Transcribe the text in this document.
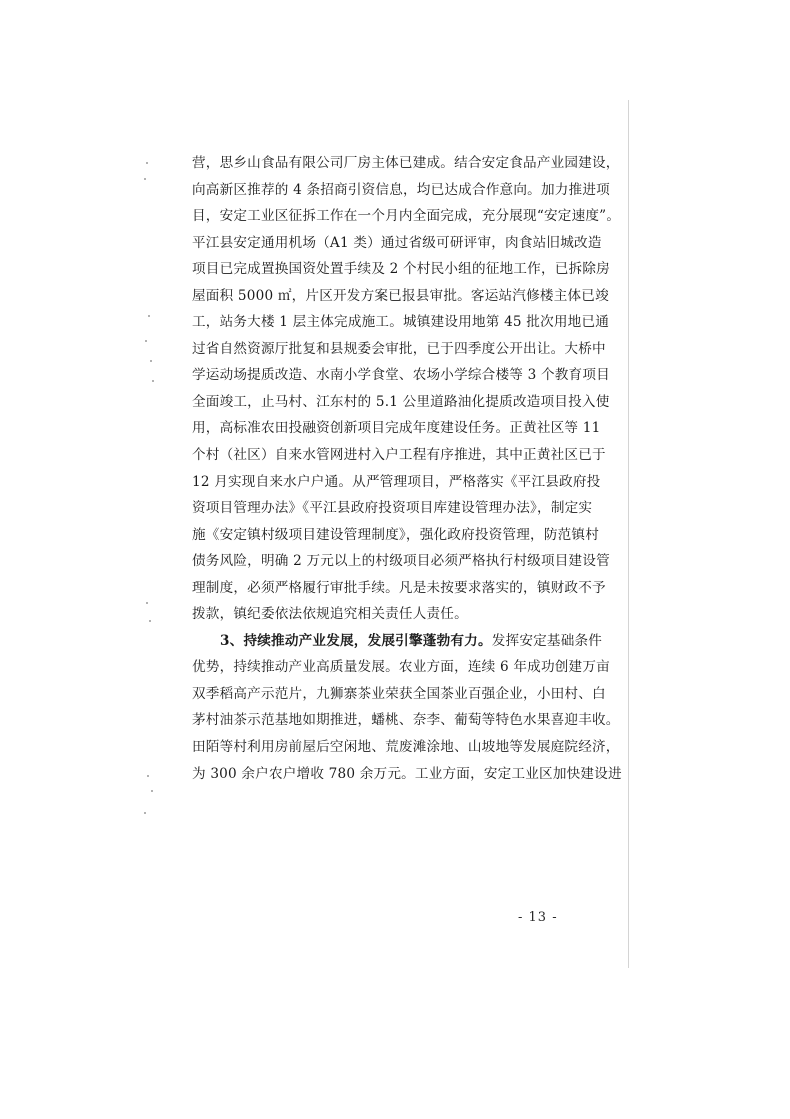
营，思乡山食品有限公司厂房主体已建成。结合安定食品产业园建设，
向高新区推荐的 4 条招商引资信息，均已达成合作意向。加力推进项
目，安定工业区征拆工作在一个月内全面完成，充分展现“安定速度”。
平江县安定通用机场（A1 类）通过省级可研评审，肉食站旧城改造
项目已完成置换国资处置手续及 2 个村民小组的征地工作，已拆除房
屋面积 5000 ㎡，片区开发方案已报县审批。客运站汽修楼主体已竣
工，站务大楼 1 层主体完成施工。城镇建设用地第 45 批次用地已通
过省自然资源厅批复和县规委会审批，已于四季度公开出让。大桥中
学运动场提质改造、水南小学食堂、农场小学综合楼等 3 个教育项目
全面竣工，止马村、江东村的 5.1 公里道路油化提质改造项目投入使
用，高标准农田投融资创新项目完成年度建设任务。正黄社区等 11
个村（社区）自来水管网进村入户工程有序推进，其中正黄社区已于
12 月实现自来水户户通。从严管理项目，严格落实《平江县政府投
资项目管理办法》《平江县政府投资项目库建设管理办法》，制定实
施《安定镇村级项目建设管理制度》，强化政府投资管理，防范镇村
债务风险，明确 2 万元以上的村级项目必须严格执行村级项目建设管
理制度，必须严格履行审批手续。凡是未按要求落实的，镇财政不予
拨款，镇纪委依法依规追究相关责任人责任。
3、持续推动产业发展，发展引擎蓬勃有力。发挥安定基础条件
优势，持续推动产业高质量发展。农业方面，连续 6 年成功创建万亩
双季稻高产示范片，九狮寨茶业荣获全国茶业百强企业，小田村、白
茅村油茶示范基地如期推进，蟠桃、奈李、葡萄等特色水果喜迎丰收。
田陌等村利用房前屋后空闲地、荒废滩涂地、山坡地等发展庭院经济，
为 300 余户农户增收 780 余万元。工业方面，安定工业区加快建设进
- 13 -
